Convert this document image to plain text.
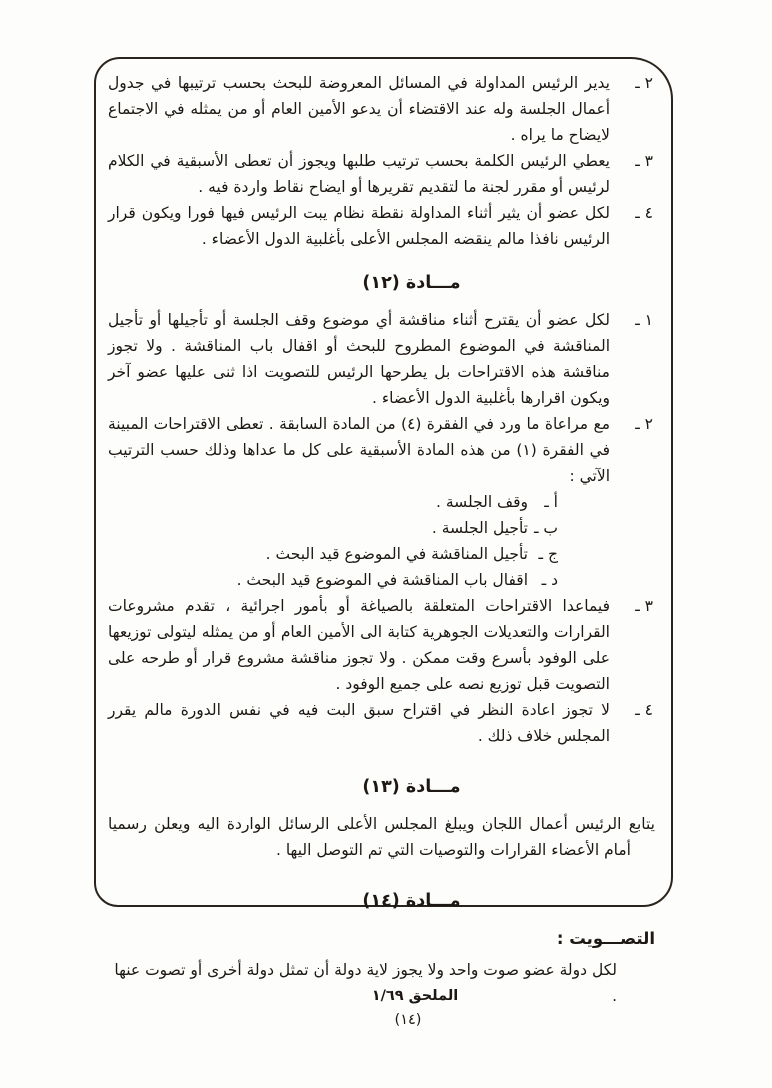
٢ ـ
يدير الرئيس المداولة في المسائل المعروضة للبحث بحسب ترتيبها في جدول أعمال الجلسة وله عند الاقتضاء أن يدعو الأمين العام أو من يمثله في الاجتماع لايضاح ما يراه .
٣ ـ
يعطي الرئيس الكلمة بحسب ترتيب طلبها ويجوز أن تعطى الأسبقية في الكلام لرئيس أو مقرر لجنة ما لتقديم تقريرها أو ايضاح نقاط واردة فيه .
٤ ـ
لكل عضو أن يثير أثناء المداولة نقطة نظام يبت الرئيس فيها فورا ويكون قرار الرئيس نافذا مالم ينقضه المجلس الأعلى بأغلبية الدول الأعضاء .
مـــادة (١٢)
١ ـ
لكل عضو أن يقترح أثناء مناقشة أي موضوع وقف الجلسة أو تأجيلها أو تأجيل المناقشة في الموضوع المطروح للبحث أو اقفال باب المناقشة . ولا تجوز مناقشة هذه الاقتراحات بل يطرحها الرئيس للتصويت اذا ثنى عليها عضو آخر ويكون اقرارها بأغلبية الدول الأعضاء .
٢ ـ
مع مراعاة ما ورد في الفقرة (٤) من المادة السابقة . تعطى الاقتراحات المبينة في الفقرة (١) من هذه المادة الأسبقية على كل ما عداها وذلك حسب الترتيب الآتي :
أ ـ
وقف الجلسة .
ب ـ
تأجيل الجلسة .
ج ـ
تأجيل المناقشة في الموضوع قيد البحث .
د ـ
اقفال باب المناقشة في الموضوع قيد البحث .
٣ ـ
فيماعدا الاقتراحات المتعلقة بالصياغة أو بأمور اجرائية ، تقدم مشروعات القرارات والتعديلات الجوهرية كتابة الى الأمين العام أو من يمثله ليتولى توزيعها على الوفود بأسرع وقت ممكن . ولا تجوز مناقشة مشروع قرار أو طرحه على التصويت قبل توزيع نصه على جميع الوفود .
٤ ـ
لا تجوز اعادة النظر في اقتراح سبق البت فيه في نفس الدورة مالم يقرر المجلس خلاف ذلك .
مـــادة (١٣)
يتابع الرئيس أعمال اللجان ويبلغ المجلس الأعلى الرسائل الواردة اليه ويعلن رسميا أمام الأعضاء القرارات والتوصيات التي تم التوصل اليها .
مـــادة (١٤)
التصـــويت :
لكل دولة عضو صوت واحد ولا يجوز لاية دولة أن تمثل دولة أخرى أو تصوت عنها .
الملحق ١/٦٩
(١٤)
